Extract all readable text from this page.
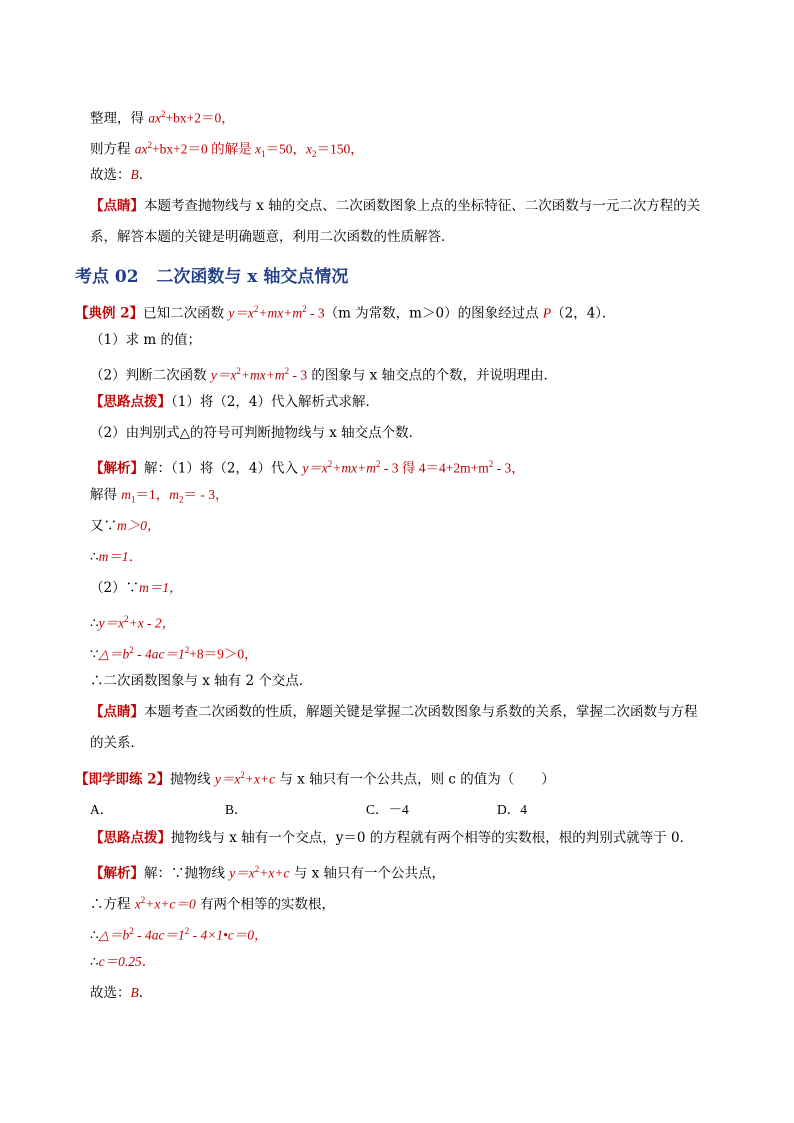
整理，得 $ax^2+bx+2=0$，
则方程 $ax^2+bx+2=0$ 的解是 $x_1=50$，$x_2=150$，
故选：B．
【点睛】本题考查抛物线与 x 轴的交点、二次函数图象上点的坐标特征、二次函数与一元二次方程的关
系，解答本题的关键是明确题意，利用二次函数的性质解答．
考点 02 二次函数与 x 轴交点情况
【典例 2】已知二次函数 $y=x^2+mx+m^2 - 3(m$ 为常数，m＞0）的图象经过点 P（2，4）．
（1）求 m 的值；
（2）判断二次函数 $y=x^2+mx+m^2 - 3$ 的图象与 x 轴交点的个数，并说明理由．
【思路点拨】（1）将（2，4）代入解析式求解．
（2）由判别式△的符号可判断抛物线与 x 轴交点个数．
【解析】解：（1）将（2，4）代入 $y=x^2+mx+m^2 - 3$ 得 $4=4+2m+m^2 - 3$，
解得 $m_1=1$，$m_2= - 3$，
又∵m＞0，
∴m＝1．
（2）∵m＝1，
$\therefore y=x^2+x - 2$，
$\because\triangle=b^2 - 4ac=1^2+8=9>0$，
∴二次函数图象与 x 轴有 2 个交点．
【点睛】本题考查二次函数的性质，解题关键是掌握二次函数图象与系数的关系，掌握二次函数与方程
的关系．
【即学即练 2】抛物线 $y=x^2+x+c$ 与 x 轴只有一个公共点，则 c 的值为（　　）
A．	B．	C．－4	D．4
【思路点拨】抛物线与 x 轴有一个交点，y＝0 的方程就有两个相等的实数根，根的判别式就等于 0．
【解析】解：∵抛物线 $y=x^2+x+c$ 与 x 轴只有一个公共点，
∴方程 $x^2+x+c=0$ 有两个相等的实数根，
$\therefore\triangle=b^2 - 4ac=1^2$ - 4×1•c＝0，
∴c＝0.25．
故选：B．
